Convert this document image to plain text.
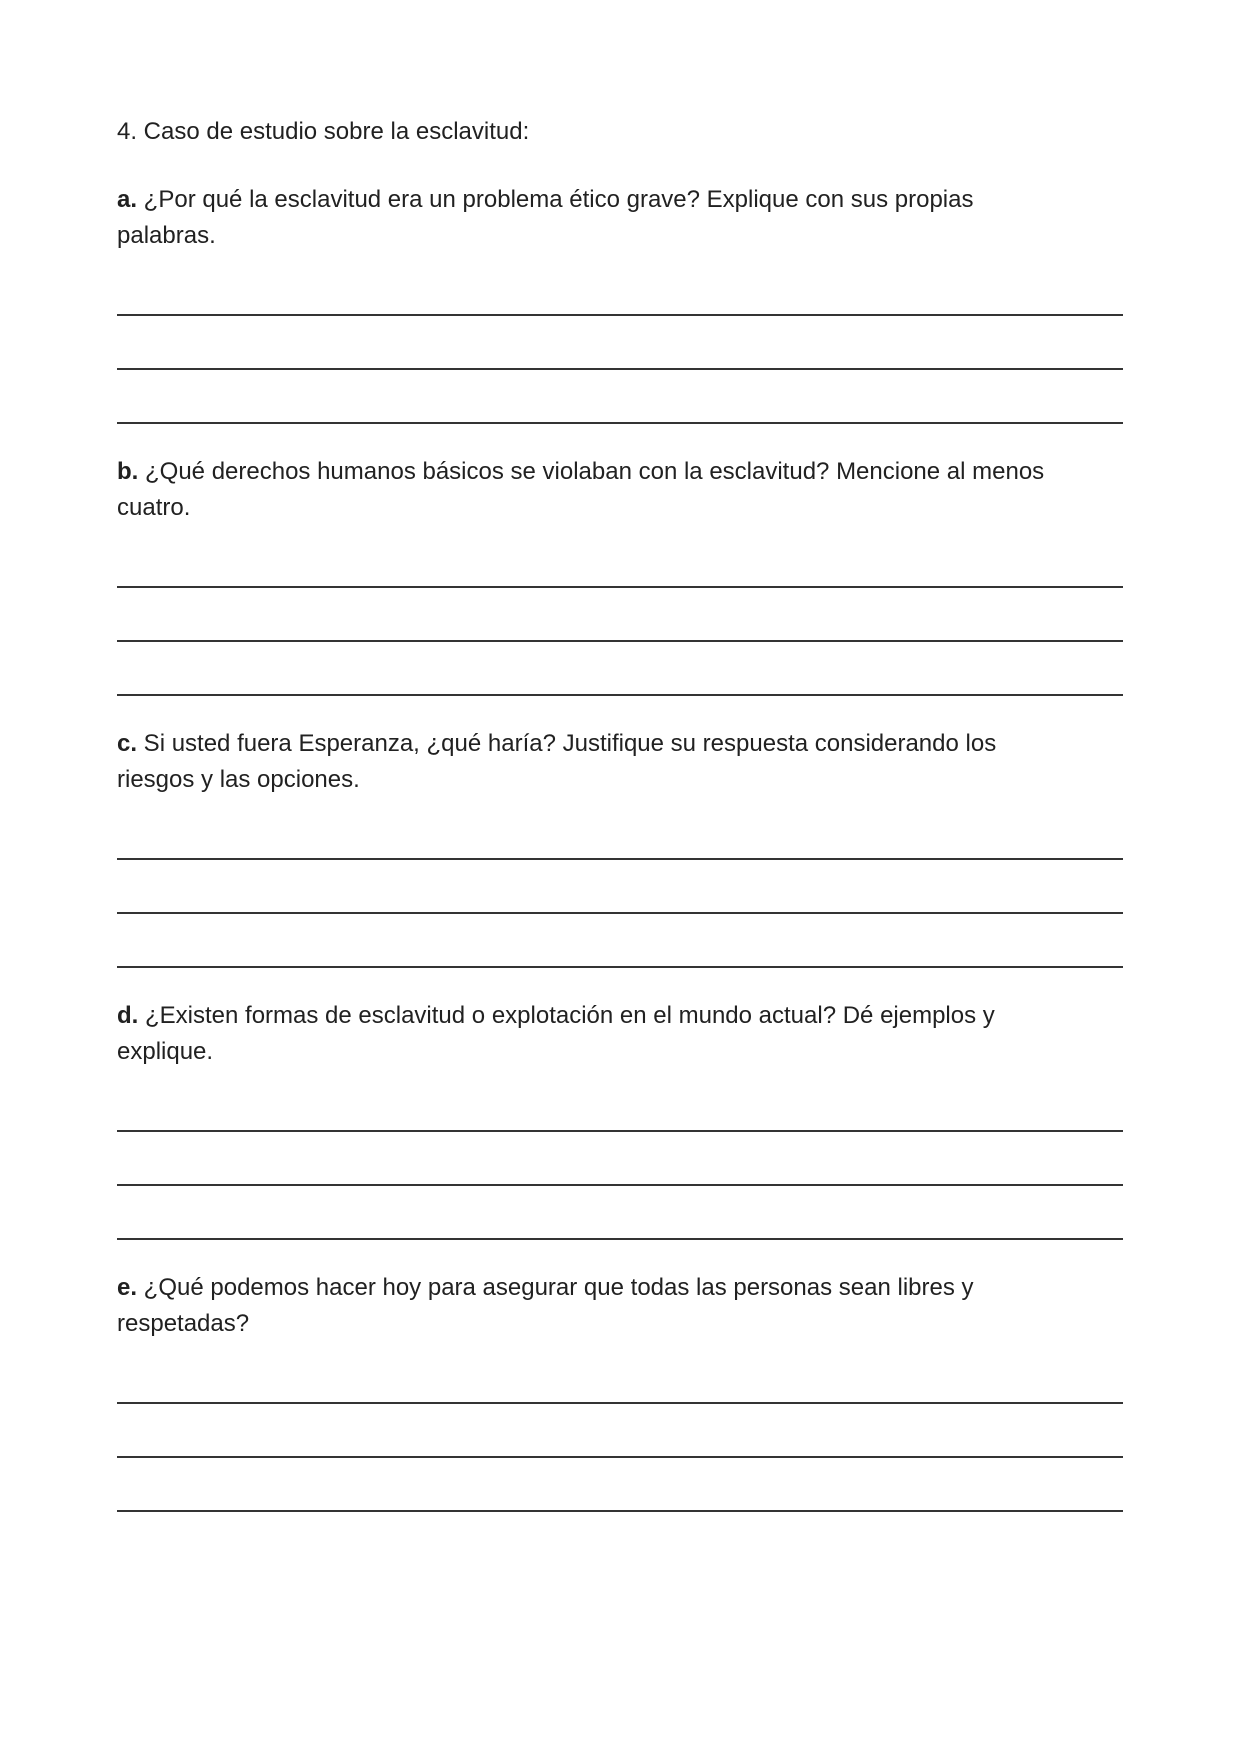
4. Caso de estudio sobre la esclavitud:

a. ¿Por qué la esclavitud era un problema ético grave? Explique con sus propias
palabras.

b. ¿Qué derechos humanos básicos se violaban con la esclavitud? Mencione al menos
cuatro.

c. Si usted fuera Esperanza, ¿qué haría? Justifique su respuesta considerando los
riesgos y las opciones.

d. ¿Existen formas de esclavitud o explotación en el mundo actual? Dé ejemplos y
explique.

e. ¿Qué podemos hacer hoy para asegurar que todas las personas sean libres y
respetadas?
